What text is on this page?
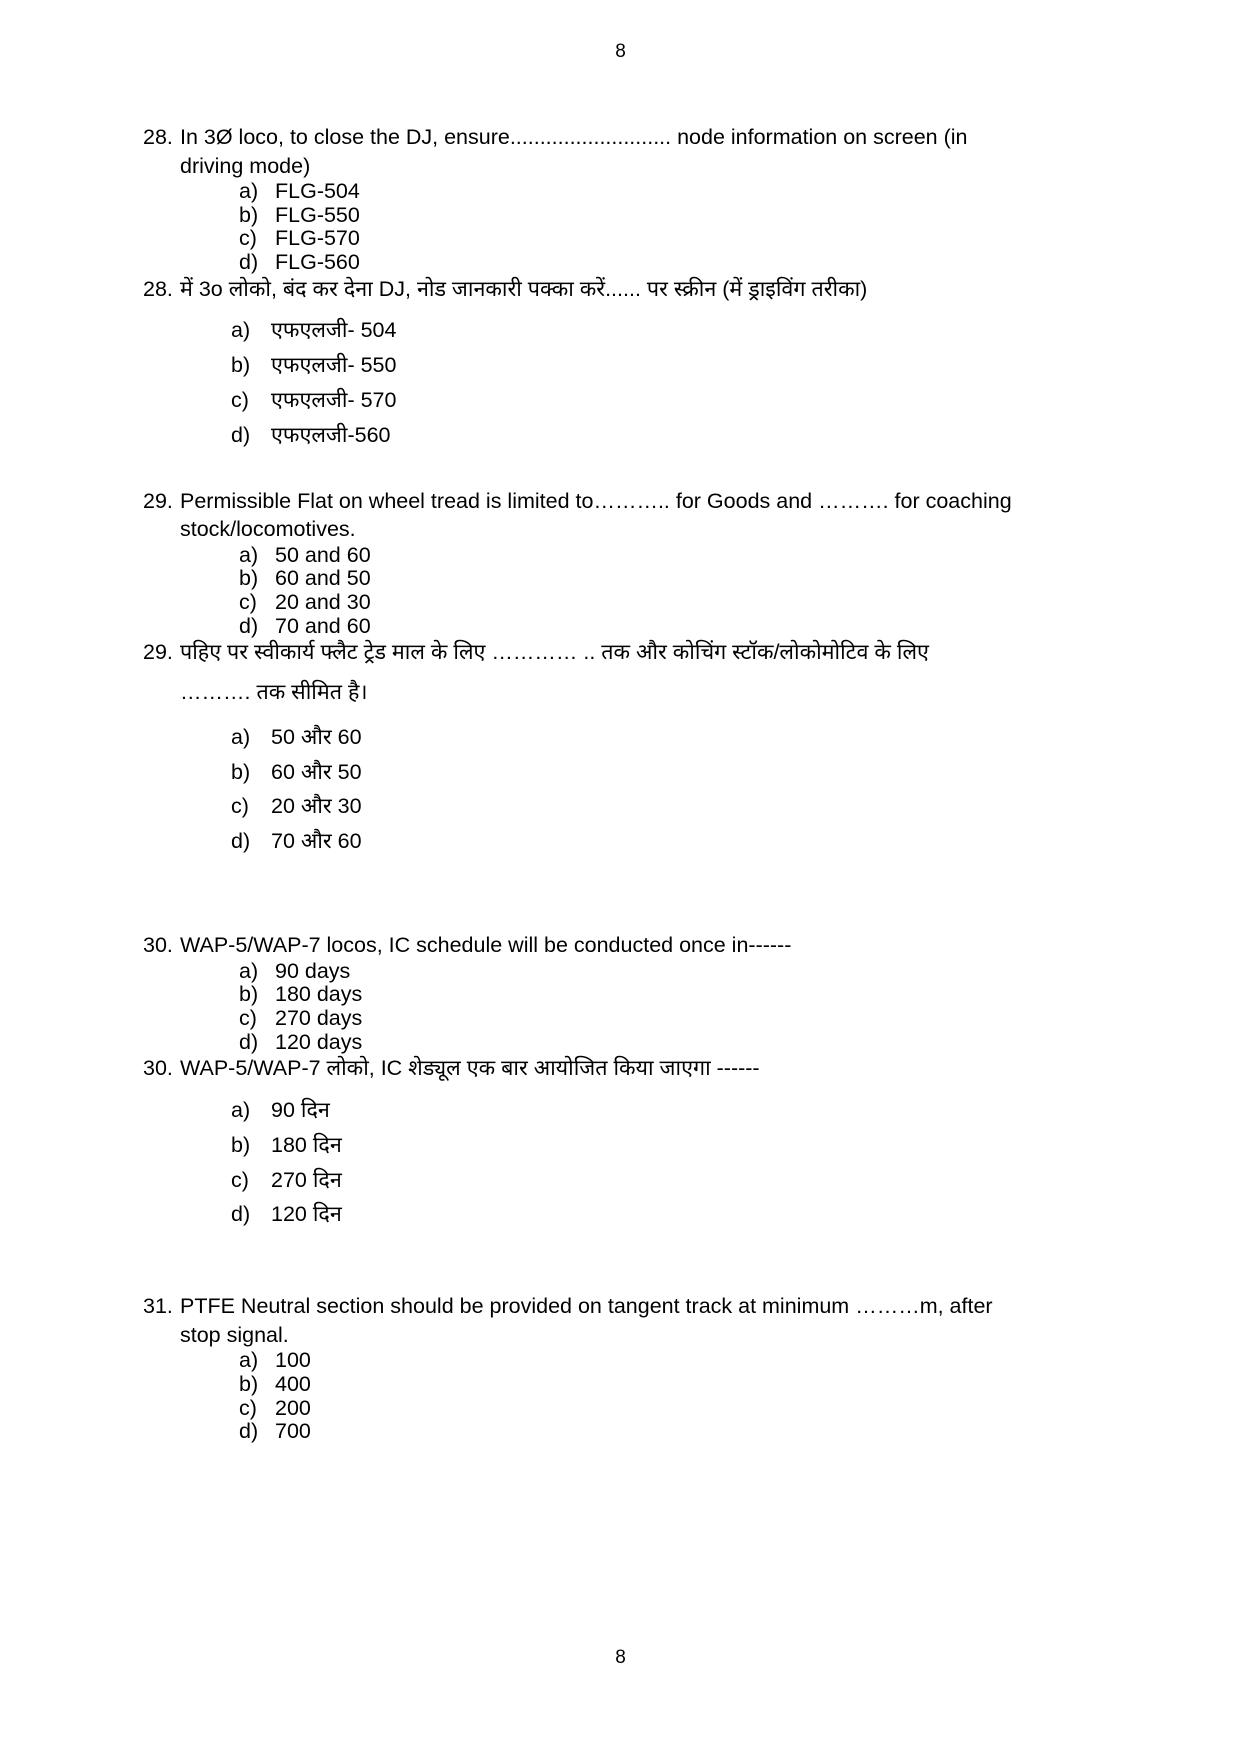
8
28. In 3Ø loco, to close the DJ, ensure........................... node information on screen (in
driving mode)
a) FLG-504
b) FLG-550
c) FLG-570
d) FLG-560
28. में 3o लोको, बंद कर देना DJ, नोड जानकारी पक्का करें...... पर स्क्रीन (में ड्राइविंग तरीका)
a) एफएलजी- 504
b) एफएलजी- 550
c)	एफएलजी- 570
d) एफएलजी-560
29. Permissible Flat on wheel tread is limited to……….. for Goods and ………. for coaching
stock/locomotives.
a) 50 and 60
b) 60 and 50
c) 20 and 30
d) 70 and 60
29. पहिए पर स्वीकार्य फ्लैट ट्रेड माल के लिए ………… .. तक और कोचिंग स्टॉक/लोकोमोटिव के लिए
………. तक सीमित है।
a) 50 और 60
b) 60 और 50
c)	20 और 30
d) 70 और 60
30. WAP-5/WAP-7 locos, IC schedule will be conducted once in------
a) 90 days
b) 180 days
c) 270 days
d) 120 days
30. WAP-5/WAP-7 लोको, IC शेड्यूल एक बार आयोजित किया जाएगा ------
a) 90 दिन
b) 180 दिन
c)	270 दिन
d) 120 दिन
31. PTFE Neutral section should be provided on tangent track at minimum ………m, after
stop signal.
a) 100
b) 400
c) 200
d) 700
8
